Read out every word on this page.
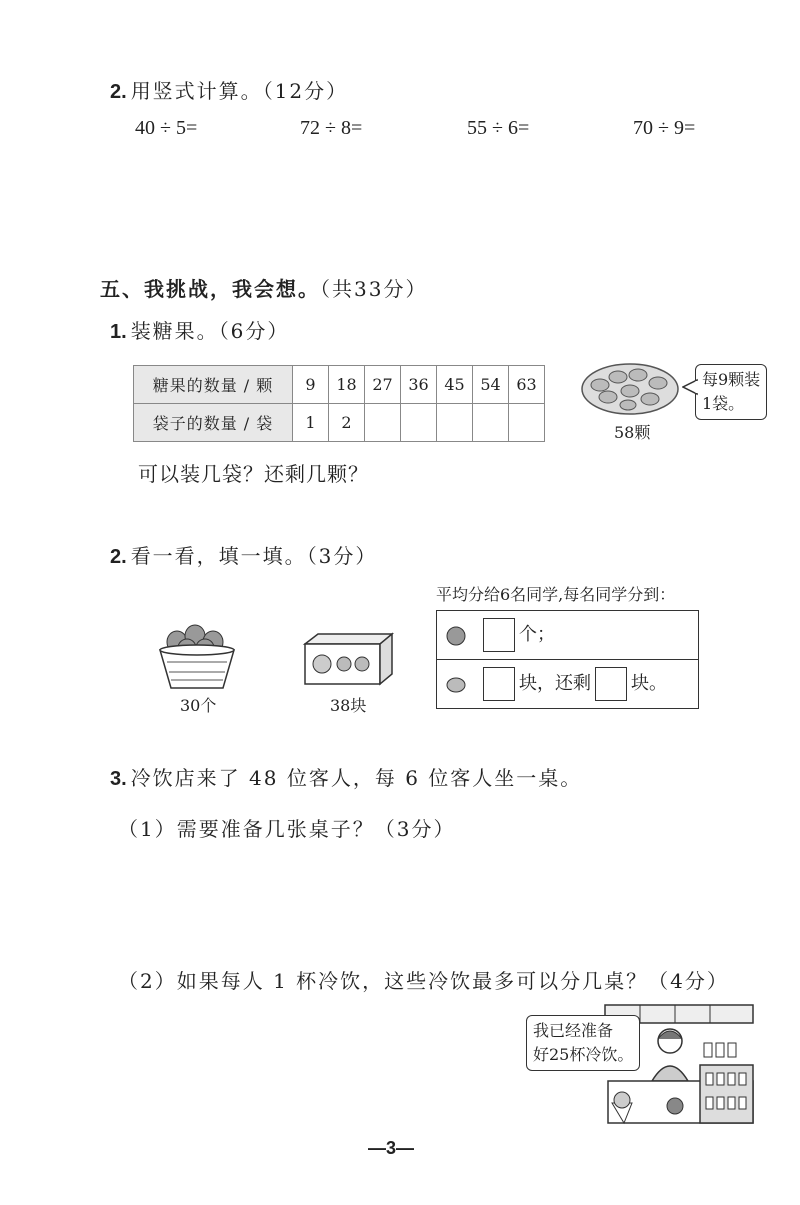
2. 用竖式计算。（12分）
40 ÷ 5=	72 ÷ 8=	55 ÷ 6=	70 ÷ 9=
五、我挑战，我会想。（共33分）
1. 装糖果。（6分）
糖果的数量 / 颗	9	18	27	36	45	54	63
袋子的数量 / 袋	1	2					
58颗
每9颗装
1袋。
可以装几袋？还剩几颗？
2. 看一看，填一填。（3分）
30个	38块
平均分给6名同学,每名同学分到：
个；
块，还剩 块。
3. 冷饮店来了 48 位客人，每 6 位客人坐一桌。
（1）需要准备几张桌子？（3分）
（2）如果每人 1 杯冷饮，这些冷饮最多可以分几桌？（4分）
我已经准备
好25杯冷饮。
—3—
